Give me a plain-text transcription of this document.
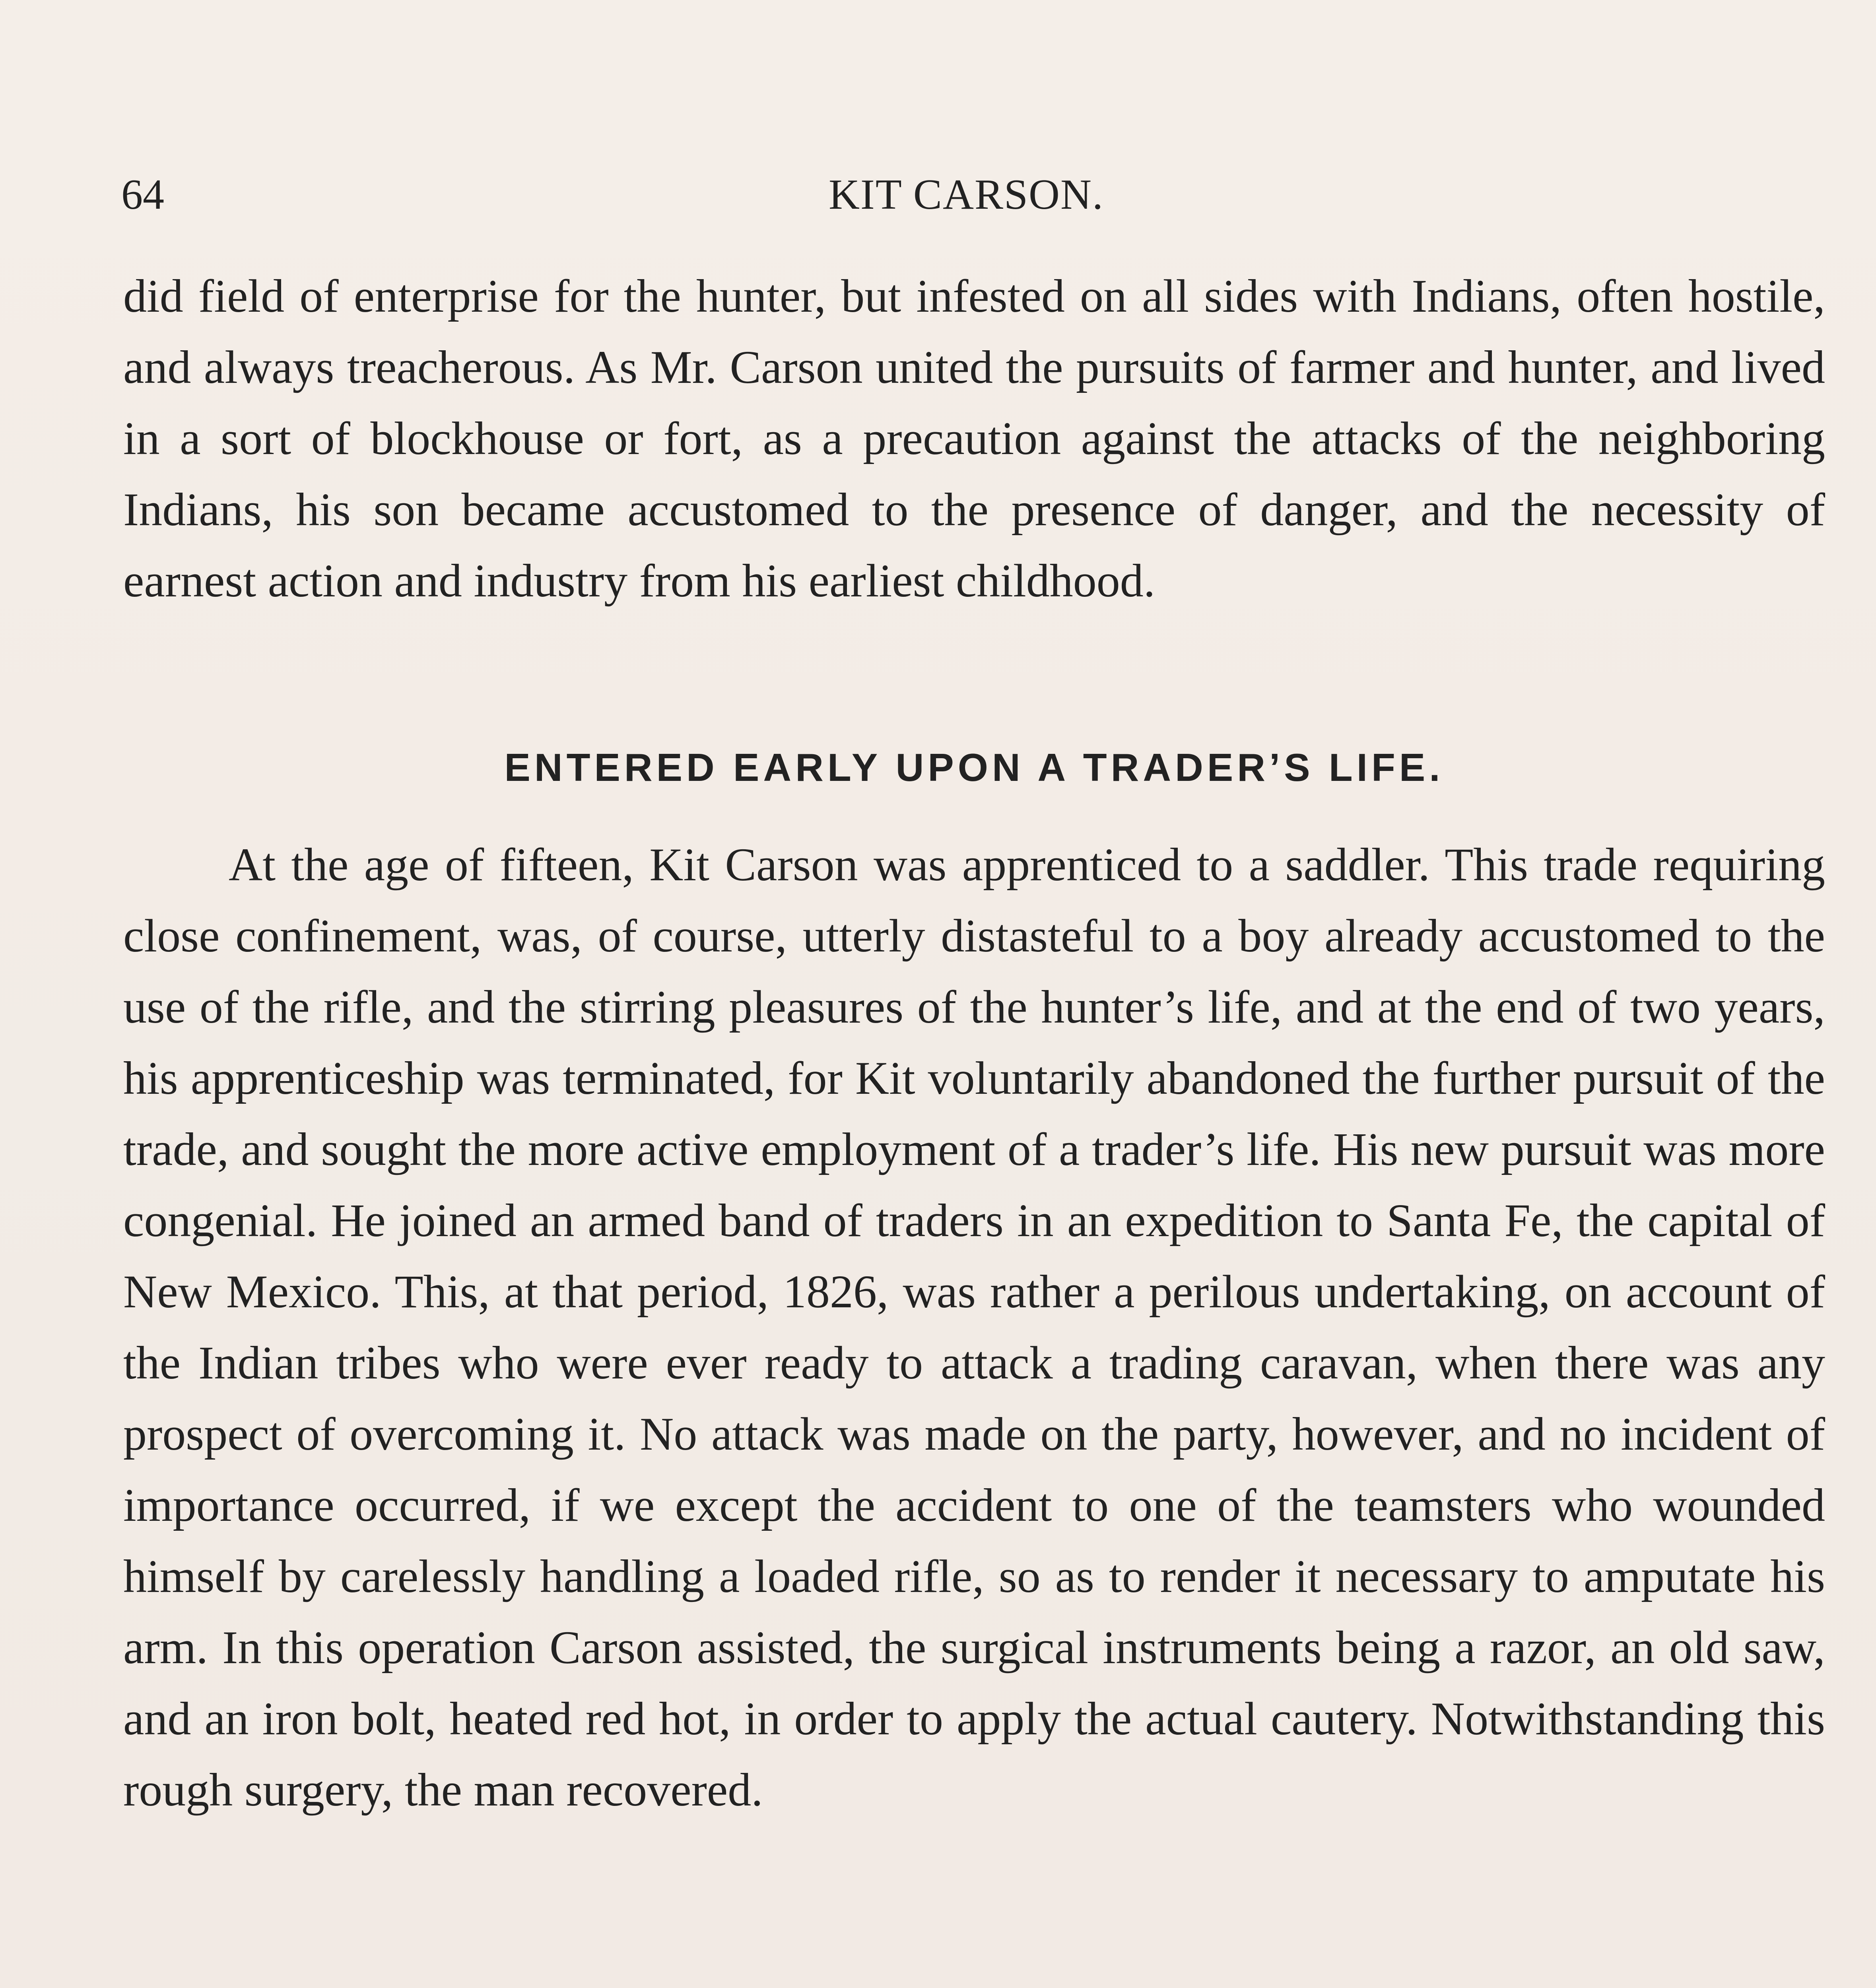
64	KIT CARSON.

did field of enterprise for the hunter, but infested on all sides with Indians, often hostile, and always treacherous. As Mr. Carson united the pursuits of farmer and hunter, and lived in a sort of blockhouse or fort, as a precaution against the attacks of the neighboring Indians, his son became accustomed to the presence of danger, and the necessity of earnest action and industry from his earliest childhood.

ENTERED EARLY UPON A TRADER’S LIFE.

At the age of fifteen, Kit Carson was apprenticed to a saddler. This trade requiring close confinement, was, of course, utterly distasteful to a boy already accustomed to the use of the rifle, and the stirring pleasures of the hunter’s life, and at the end of two years, his apprenticeship was terminated, for Kit voluntarily abandoned the further pursuit of the trade, and sought the more active employment of a trader’s life. His new pursuit was more congenial. He joined an armed band of traders in an expedition to Santa Fe, the capital of New Mexico. This, at that period, 1826, was rather a perilous undertaking, on account of the Indian tribes who were ever ready to attack a trading caravan, when there was any prospect of overcoming it. No attack was made on the party, however, and no incident of importance occurred, if we except the accident to one of the teamsters who wounded himself by carelessly handling a loaded rifle, so as to render it necessary to amputate his arm. In this operation Carson assisted, the surgical instruments being a razor, an old saw, and an iron bolt, heated red hot, in order to apply the actual cautery. Notwithstanding this rough surgery, the man recovered.
